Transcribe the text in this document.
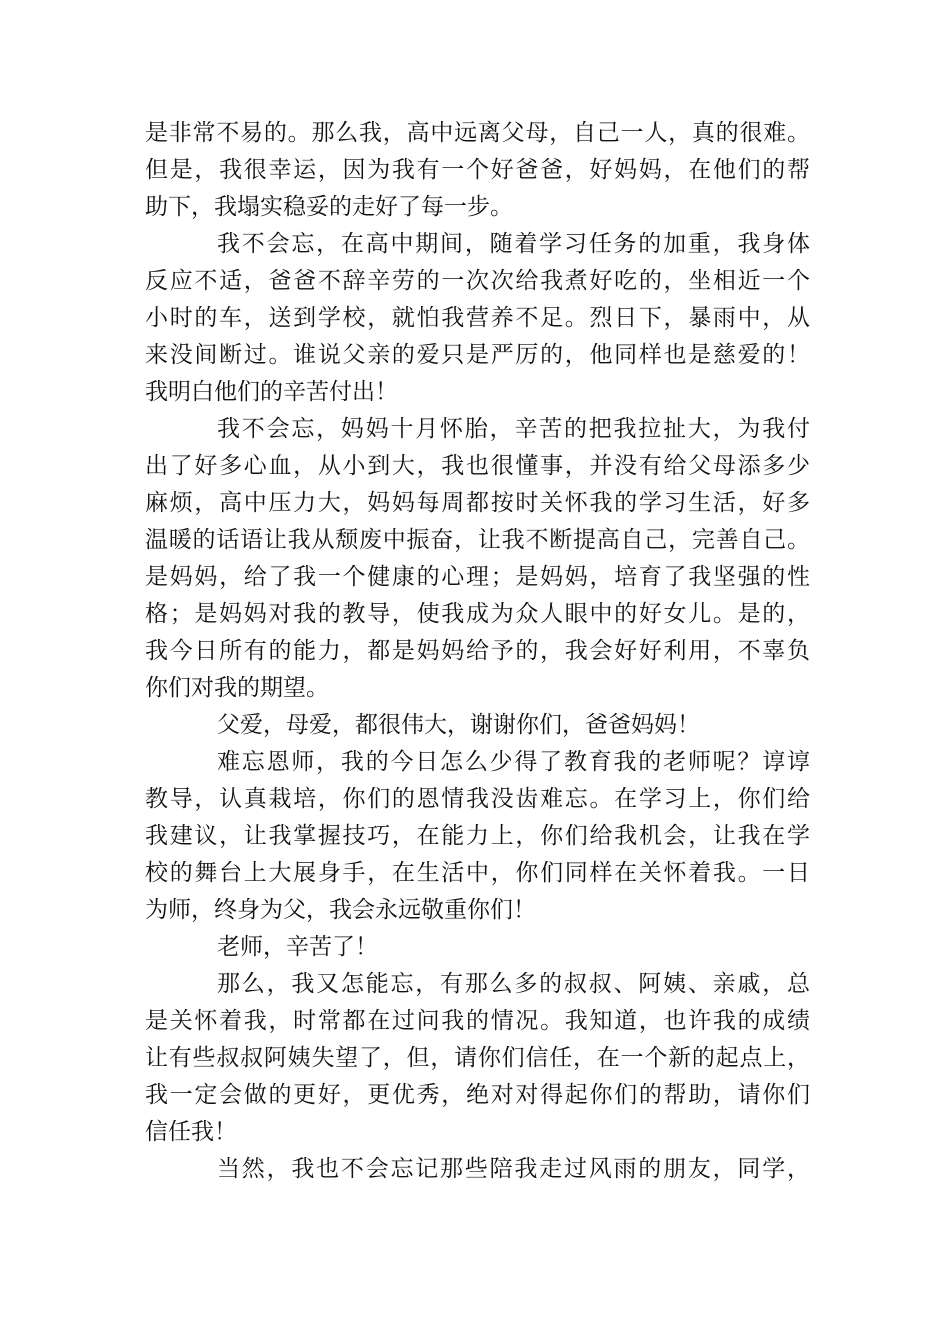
是非常不易的。那么我，高中远离父母，自己一人，真的很难。
但是，我很幸运，因为我有一个好爸爸，好妈妈，在他们的帮
助下，我塌实稳妥的走好了每一步。
我不会忘，在高中期间，随着学习任务的加重，我身体
反应不适，爸爸不辞辛劳的一次次给我煮好吃的，坐相近一个
小时的车，送到学校，就怕我营养不足。烈日下，暴雨中，从
来没间断过。谁说父亲的爱只是严厉的，他同样也是慈爱的！
我明白他们的辛苦付出！
我不会忘，妈妈十月怀胎，辛苦的把我拉扯大，为我付
出了好多心血，从小到大，我也很懂事，并没有给父母添多少
麻烦，高中压力大，妈妈每周都按时关怀我的学习生活，好多
温暖的话语让我从颓废中振奋，让我不断提高自己，完善自己。
是妈妈，给了我一个健康的心理；是妈妈，培育了我坚强的性
格；是妈妈对我的教导，使我成为众人眼中的好女儿。是的，
我今日所有的能力，都是妈妈给予的，我会好好利用，不辜负
你们对我的期望。
父爱，母爱，都很伟大，谢谢你们，爸爸妈妈！
难忘恩师，我的今日怎么少得了教育我的老师呢？谆谆
教导，认真栽培，你们的恩情我没齿难忘。在学习上，你们给
我建议，让我掌握技巧，在能力上，你们给我机会，让我在学
校的舞台上大展身手，在生活中，你们同样在关怀着我。一日
为师，终身为父，我会永远敬重你们！
老师，辛苦了！
那么，我又怎能忘，有那么多的叔叔、阿姨、亲戚，总
是关怀着我，时常都在过问我的情况。我知道，也许我的成绩
让有些叔叔阿姨失望了，但，请你们信任，在一个新的起点上，
我一定会做的更好，更优秀，绝对对得起你们的帮助，请你们
信任我！
当然，我也不会忘记那些陪我走过风雨的朋友，同学，
